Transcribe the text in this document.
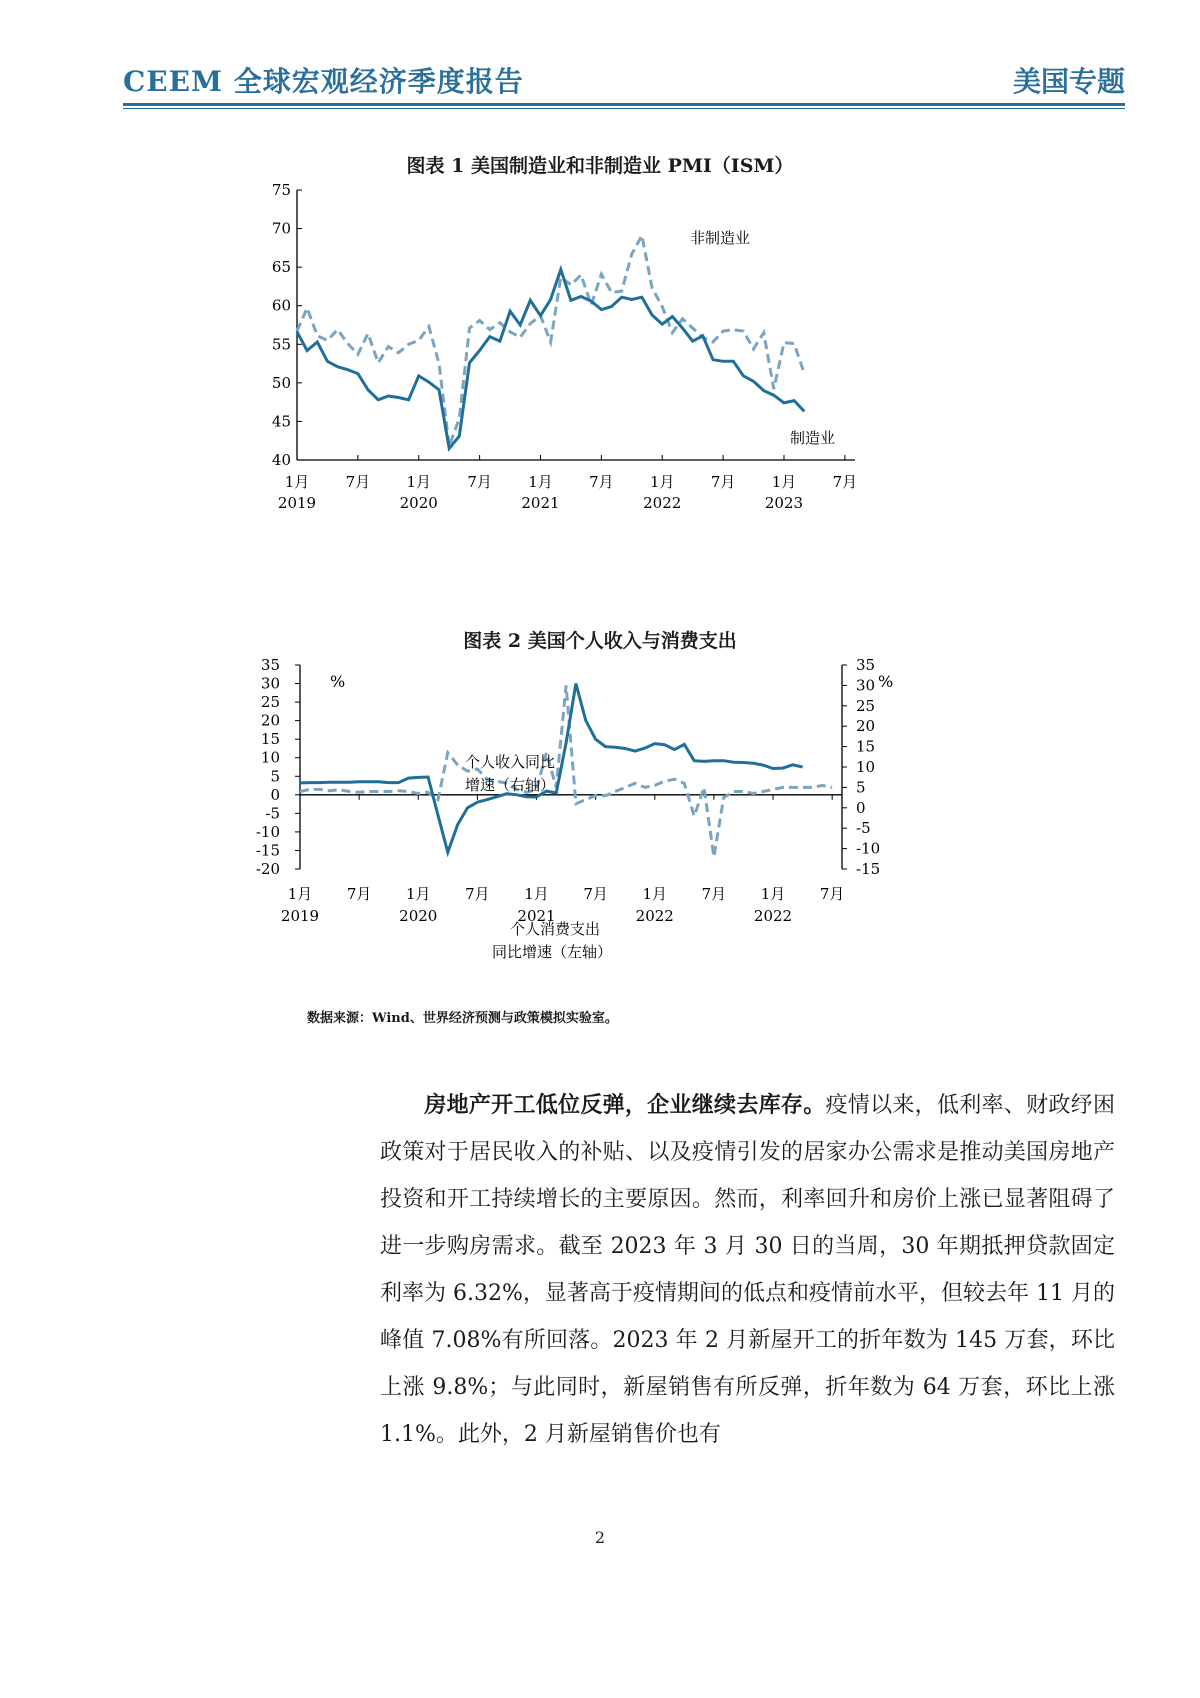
CEEM 全球宏观经济季度报告	美国专题
图表 1 美国制造业和非制造业 PMI（ISM）
40
45
50
55
60
65
70
75
1月 7月 1月 7月 1月 7月 1月 7月 1月 7月
2019	2020	2021	2022	2023
非制造业
制造业
图表 2 美国个人收入与消费支出
-20
-15
-10
-5
0
5
10
15
20
25
30
35
-15
-10
-5
0
5
10
15
20
25
30
35
1月 7月 1月 7月 1月 7月 1月 7月 1月 7月
2019	2020	2021	2022	2022
%	%
个人收入同比
增速（右轴）
个人消费支出
同比增速（左轴）
数据来源：Wind、世界经济预测与政策模拟实验室。
房地产开工低位反弹，企业继续去库存。疫情以来，低利率、财政纾困政策对于居民收入的补贴、以及疫情引发的居家办公需求是推动美国房地产投资和开工持续增长的主要原因。然而，利率回升和房价上涨已显著阻碍了进一步购房需求。截至 2023 年 3 月 30 日的当周，30 年期抵押贷款固定利率为 6.32%，显著高于疫情期间的低点和疫情前水平，但较去年 11 月的峰值 7.08%有所回落。2023 年 2 月新屋开工的折年数为 145 万套，环比上涨 9.8%；与此同时，新屋销售有所反弹，折年数为 64 万套，环比上涨 1.1%。此外，2 月新屋销售价也有
2
